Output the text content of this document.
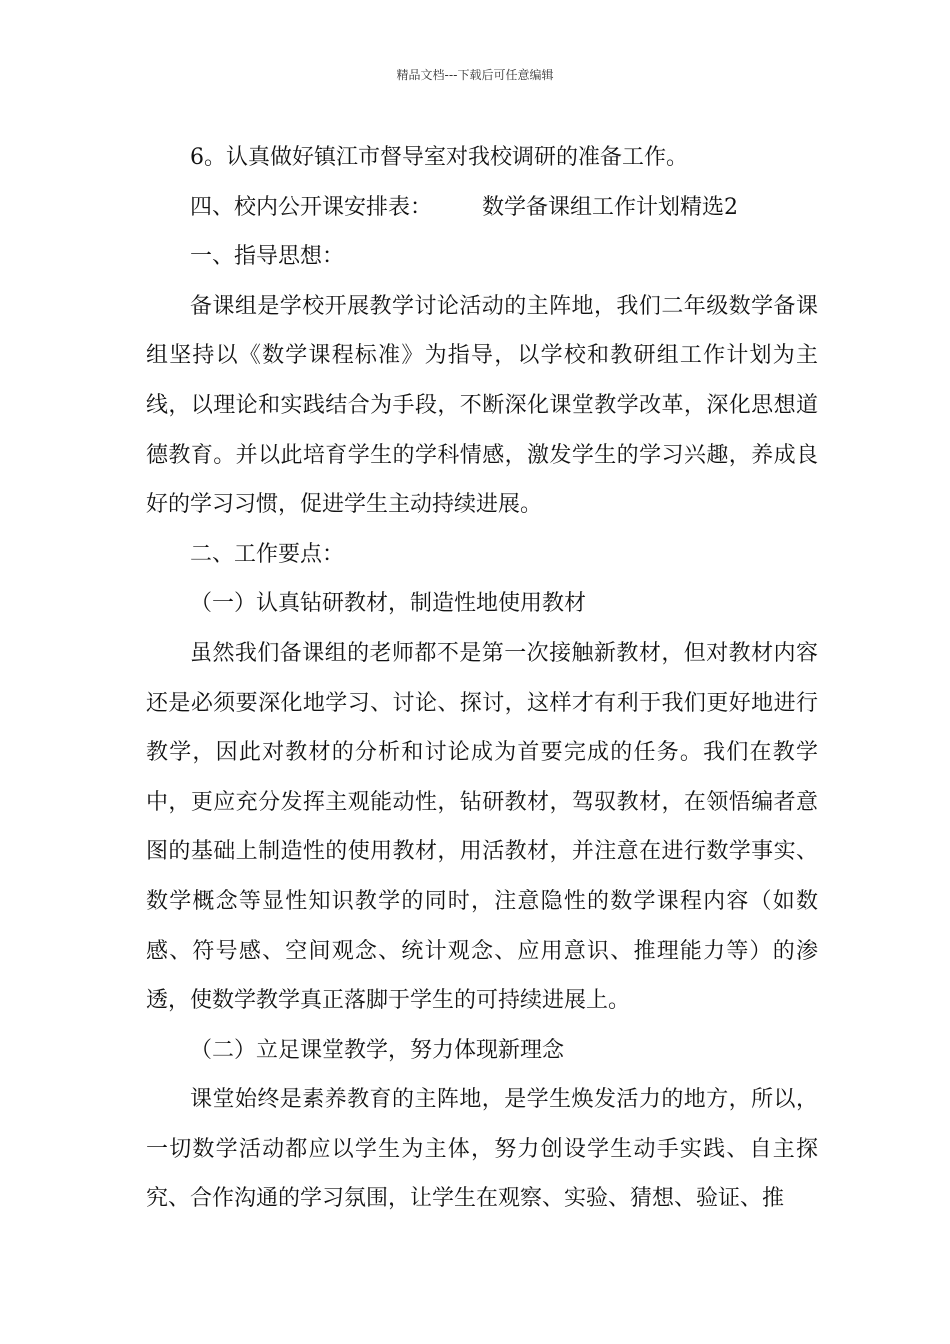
精品文档---下载后可任意编辑

6。认真做好镇江市督导室对我校调研的准备工作。

四、校内公开课安排表： 数学备课组工作计划精选2

一、指导思想：

备课组是学校开展教学讨论活动的主阵地，我们二年级数学备课组坚持以《数学课程标准》为指导，以学校和教研组工作计划为主线，以理论和实践结合为手段，不断深化课堂教学改革，深化思想道德教育。并以此培育学生的学科情感，激发学生的学习兴趣，养成良好的学习习惯，促进学生主动持续进展。

二、工作要点：

（一）认真钻研教材，制造性地使用教材

虽然我们备课组的老师都不是第一次接触新教材，但对教材内容还是必须要深化地学习、讨论、探讨，这样才有利于我们更好地进行教学，因此对教材的分析和讨论成为首要完成的任务。我们在教学中，更应充分发挥主观能动性，钻研教材，驾驭教材，在领悟编者意图的基础上制造性的使用教材，用活教材，并注意在进行数学事实、数学概念等显性知识教学的同时，注意隐性的数学课程内容（如数感、符号感、空间观念、统计观念、应用意识、推理能力等）的渗透，使数学教学真正落脚于学生的可持续进展上。

（二）立足课堂教学，努力体现新理念

课堂始终是素养教育的主阵地，是学生焕发活力的地方，所以，一切数学活动都应以学生为主体，努力创设学生动手实践、自主探究、合作沟通的学习氛围，让学生在观察、实验、猜想、验证、推
